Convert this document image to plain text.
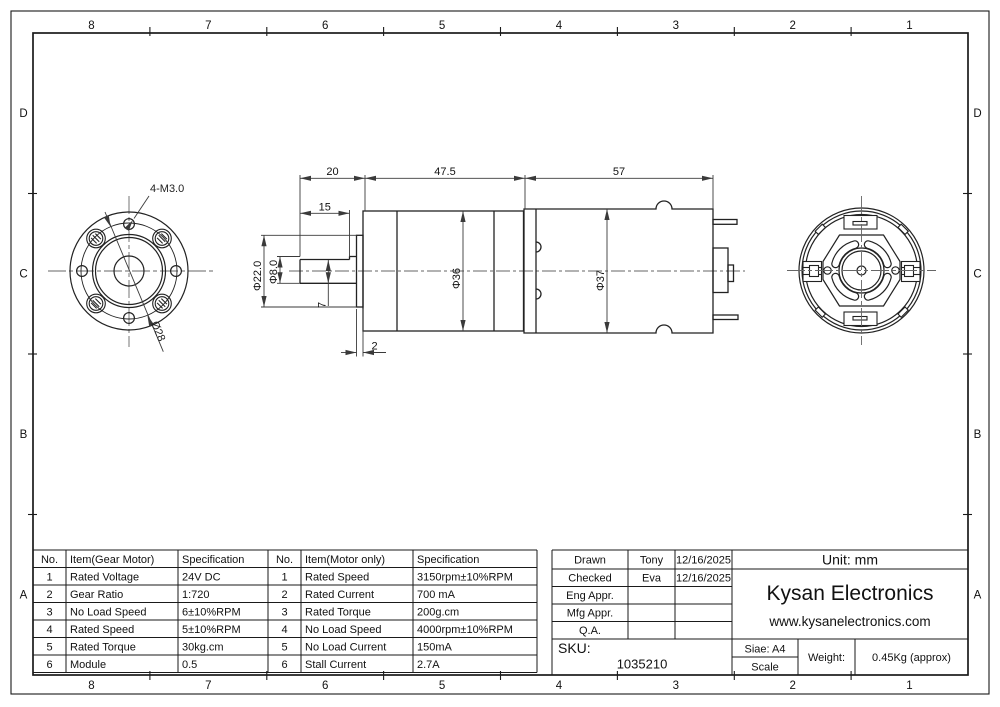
8	7	6	5	4	3	2	1
8	7	6	5	4	3	2	1
D
C
B
A
D
C
B
A
4-M3.0
Ø28
20	47.5	57
15
Φ22.0 Φ8.0
7
Φ36	Φ37
2
No. Item(Gear Motor)	Specification
1 Rated Voltage	24V DC
2 Gear Ratio	1:720
3 No Load Speed	6±10%RPM
4 Rated Speed	5±10%RPM
5 Rated Torque	30kg.cm
6 Module	0.5
No. Item(Motor only)	Specification
1 Rated Speed	3150rpm±10%RPM
2 Rated Current	700 mA
3 Rated Torque	200g.cm
4 No Load Speed	4000rpm±10%RPM
5 No Load Current	150mA
6 Stall Current	2.7A
Drawn	Tony 12/16/2025
Checked	Eva 12/16/2025
Eng Appr.
Mfg Appr.
Q.A.
Unit: mm
Kysan Electronics
www.kysanelectronics.com
SKU:
1035210
Siae: A4
Scale
Weight: 0.45Kg (approx)
